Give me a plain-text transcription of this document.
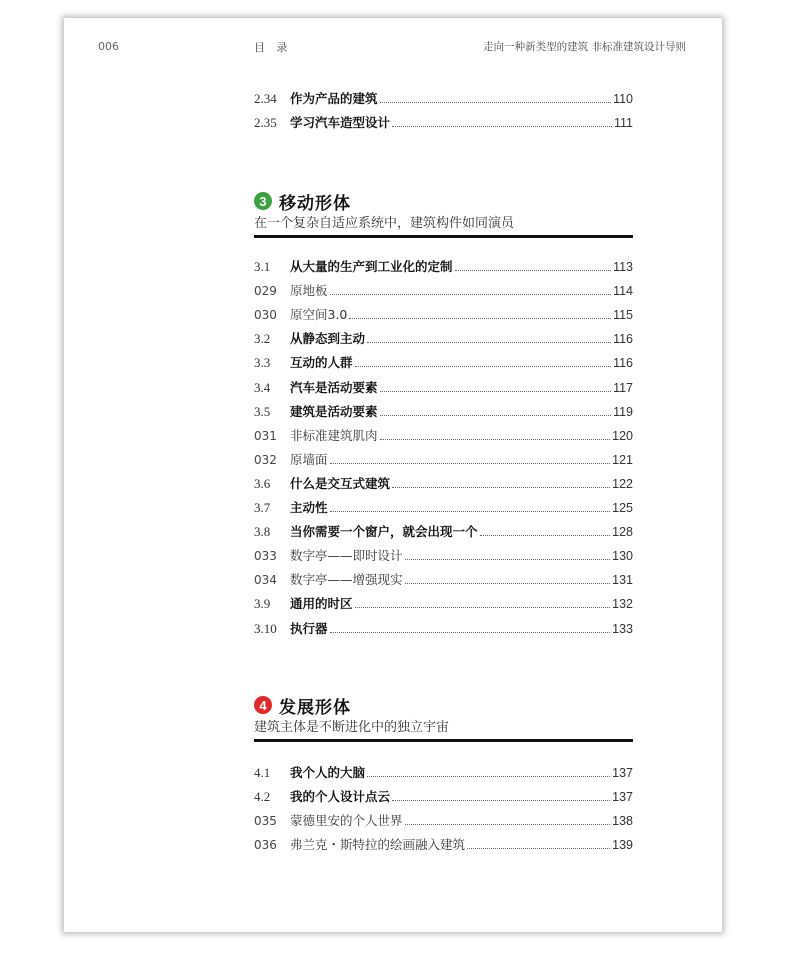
006	目 录	走向一种新类型的建筑 非标准建筑设计导则
2.34	作为产品的建筑	110
2.35	学习汽车造型设计	111
3 移动形体
在一个复杂自适应系统中，建筑构件如同演员
3.1	从大量的生产到工业化的定制	113
029	原地板	114
030	原空间3.0	115
3.2	从静态到主动	116
3.3	互动的人群	116
3.4	汽车是活动要素	117
3.5	建筑是活动要素	119
031	非标准建筑肌肉	120
032	原墙面	121
3.6	什么是交互式建筑	122
3.7	主动性	125
3.8	当你需要一个窗户，就会出现一个	128
033	数字亭——即时设计	130
034	数字亭——增强现实	131
3.9	通用的时区	132
3.10	执行器	133
4 发展形体
建筑主体是不断进化中的独立宇宙
4.1	我个人的大脑	137
4.2	我的个人设计点云	137
035	蒙德里安的个人世界	138
036	弗兰克・斯特拉的绘画融入建筑	139
